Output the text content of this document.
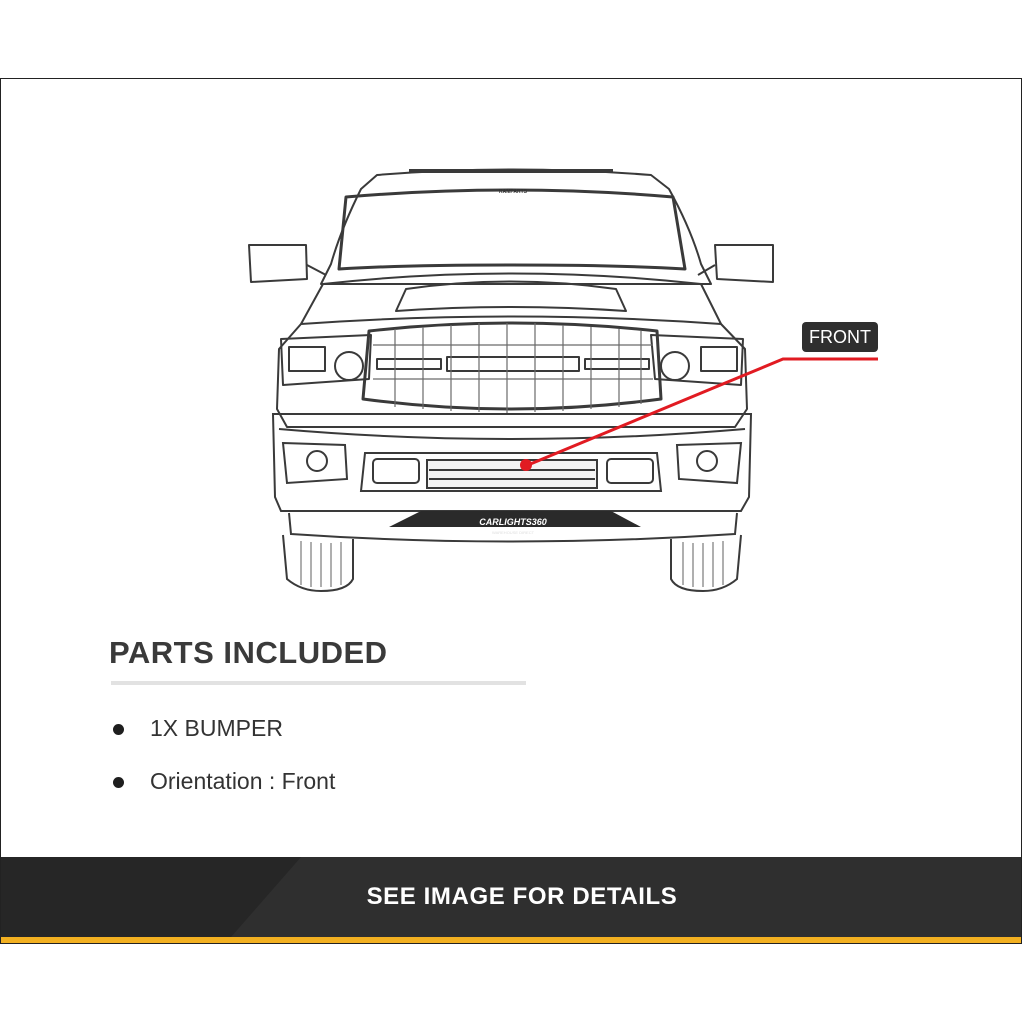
CARLIGHTS360
WAREHOUSE DIRECT
RAMPARTS
FRONT
PARTS INCLUDED
1X BUMPER
Orientation : Front
SEE IMAGE FOR DETAILS
